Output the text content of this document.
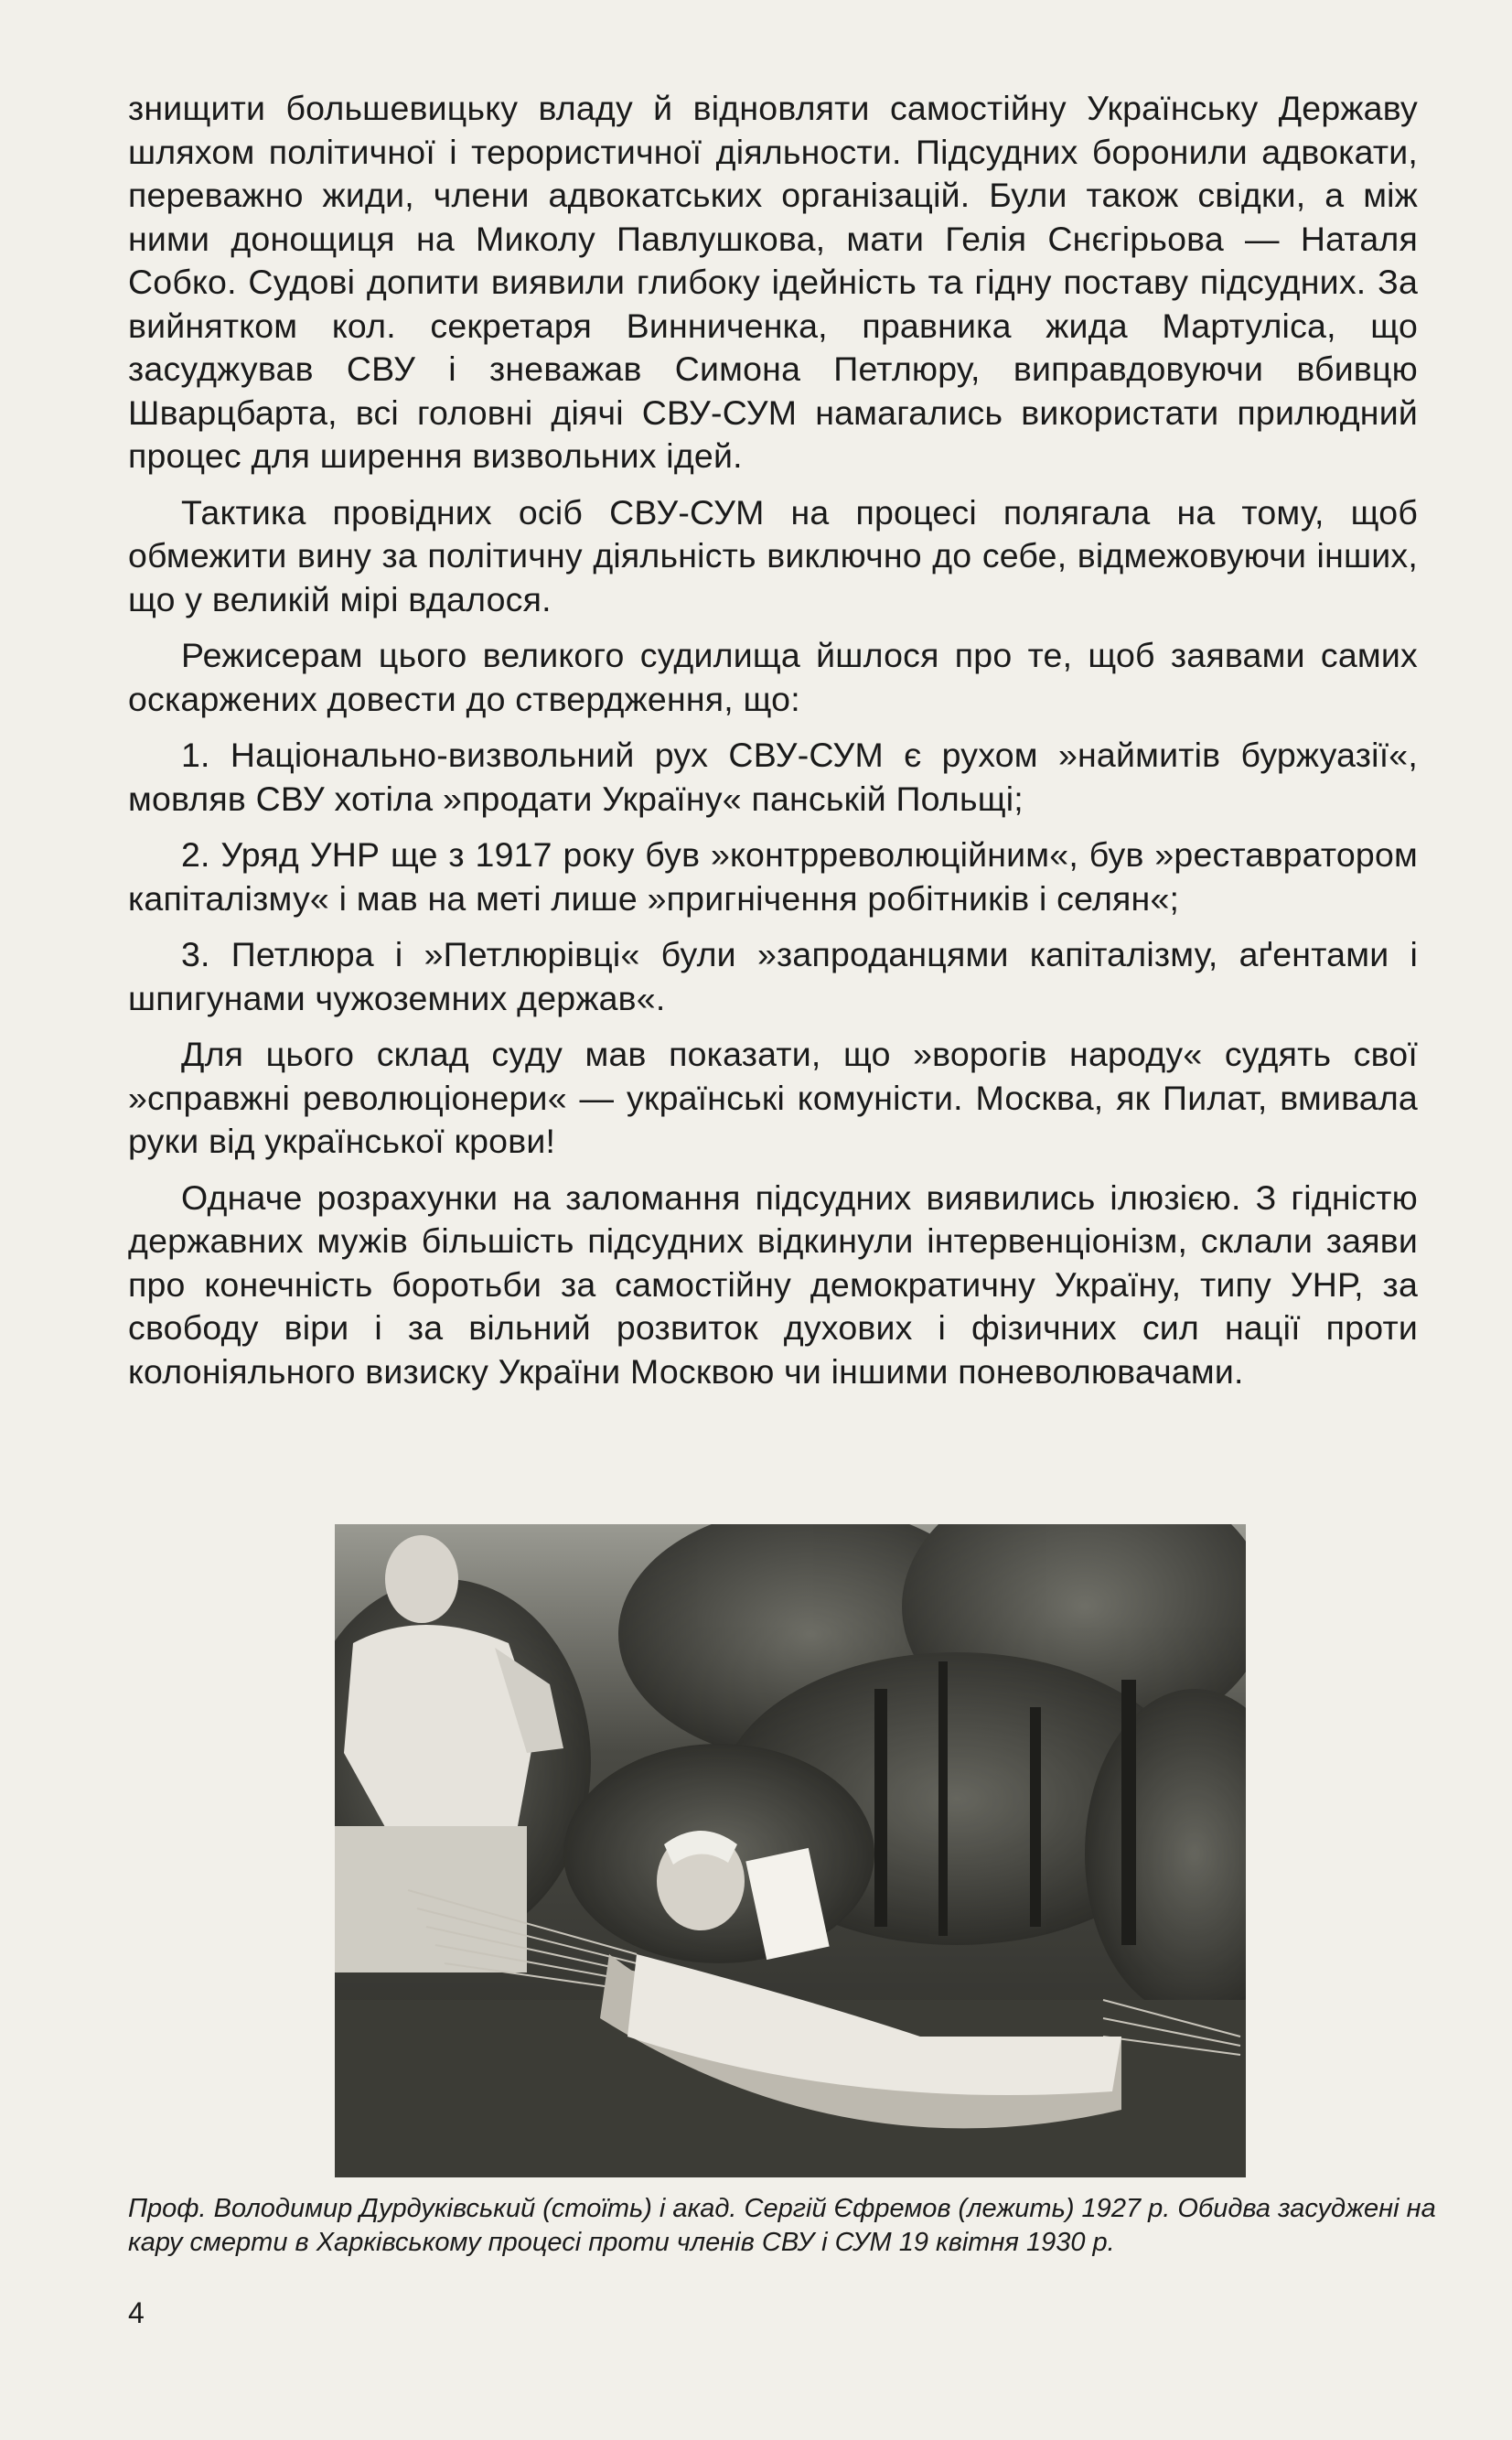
знищити большевицьку владу й відновляти самостійну Українську Державу шляхом політичної і терористичної діяльности. Підсудних боронили адвокати, переважно жиди, члени адвокатських організацій. Були також свідки, а між ними донощиця на Миколу Павлушкова, мати Гелія Снєгірьова — Наталя Собко. Судові допити виявили глибоку ідейність та гідну поставу підсудних. За вийнятком кол. секретаря Винниченка, правника жида Мартуліса, що засуджував СВУ і зневажав Симона Петлюру, виправдовуючи вбивцю Шварцбарта, всі головні діячі СВУ-СУМ намагались використати прилюдний процес для ширення визвольних ідей.

Тактика провідних осіб СВУ-СУМ на процесі полягала на тому, щоб обмежити вину за політичну діяльність виключно до себе, відмежовуючи інших, що у великій мірі вдалося.

Режисерам цього великого судилища йшлося про те, щоб заявами самих оскаржених довести до ствердження, що:

1. Національно-визвольний рух СВУ-СУМ є рухом »наймитів буржуазії«, мовляв СВУ хотіла »продати Україну« панській Польщі;

2. Уряд УНР ще з 1917 року був »контрреволюційним«, був »реставратором капіталізму« і мав на меті лише »пригнічення робітників і селян«;

3. Петлюра і »Петлюрівці« були »запроданцями капіталізму, аґентами і шпигунами чужоземних держав«.

Для цього склад суду мав показати, що »ворогів народу« судять свої »справжні революціонери« — українські комуністи. Москва, як Пилат, вмивала руки від української крови!

Одначе розрахунки на заломання підсудних виявились ілюзією. З гідністю державних мужів більшість підсудних відкинули інтервенціонізм, склали заяви про конечність боротьби за самостійну демократичну Україну, типу УНР, за свободу віри і за вільний розвиток духових і фізичних сил нації проти колоніяльного визиску України Москвою чи іншими поневолювачами.

Проф. Володимир Дурдуківський (стоїть) і акад. Сергій Єфремов (лежить) 1927 р. Обидва засуджені на кару смерти в Харківському процесі проти членів СВУ і СУМ 19 квітня 1930 р.
4
